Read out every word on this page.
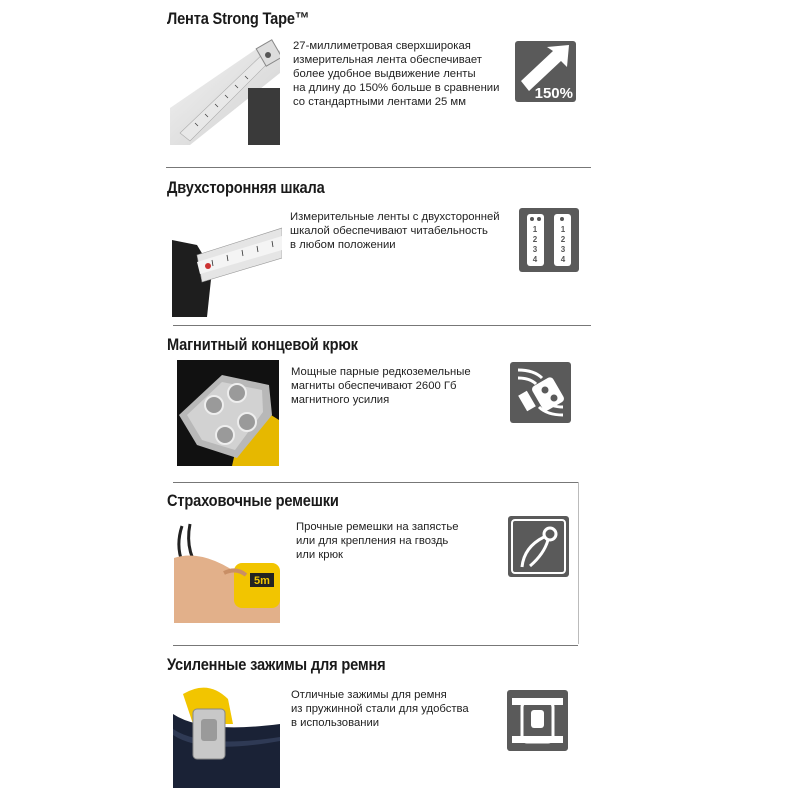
Лента Strong Tape™
27-миллиметровая сверхширокая
измерительная лента обеспечивает
более удобное выдвижение ленты
на длину до 150% больше в сравнении
со стандартными лентами 25 мм	150%
Двухсторонняя шкала
Измерительные ленты с двухсторонней
шкалой обеспечивают читабельность
в любом положении
1
2
3
4
1
2
3
4
Магнитный концевой крюк
Мощные парные редкоземельные
магниты обеспечивают 2600 Гб
магнитного усилия
Страховочные ремешки
5m
Прочные ремешки на запястье
или для крепления на гвоздь
или крюк
Усиленные зажимы для ремня
Отличные зажимы для ремня
из пружинной стали для удобства
в использовании
